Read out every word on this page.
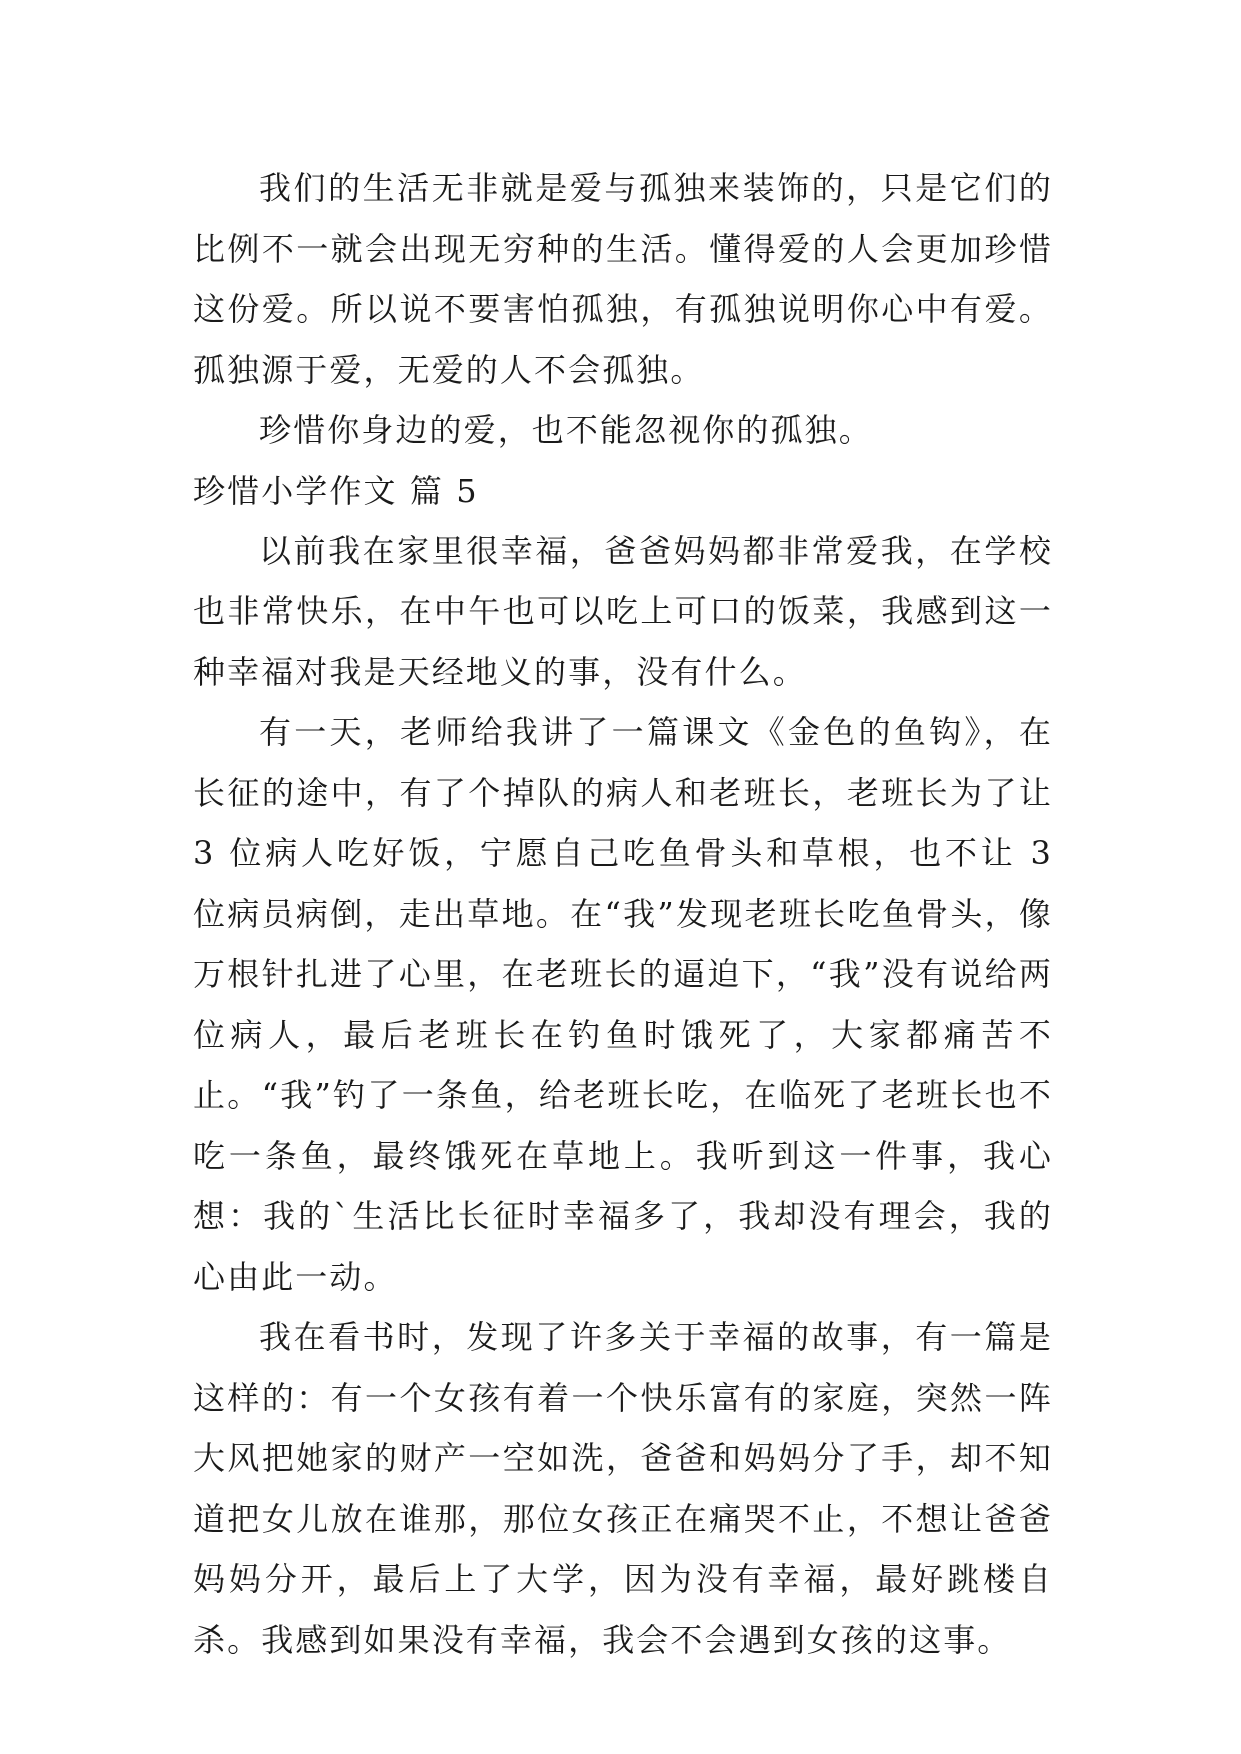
我们的生活无非就是爱与孤独来装饰的，只是它们的比例不一就会出现无穷种的生活。懂得爱的人会更加珍惜这份爱。所以说不要害怕孤独，有孤独说明你心中有爱。孤独源于爱，无爱的人不会孤独。

珍惜你身边的爱，也不能忽视你的孤独。

珍惜小学作文 篇 5

以前我在家里很幸福，爸爸妈妈都非常爱我，在学校也非常快乐，在中午也可以吃上可口的饭菜，我感到这一种幸福对我是天经地义的事，没有什么。

有一天，老师给我讲了一篇课文《金色的鱼钩》，在长征的途中，有了个掉队的病人和老班长，老班长为了让 3 位病人吃好饭，宁愿自己吃鱼骨头和草根，也不让 3 位病员病倒，走出草地。在“我”发现老班长吃鱼骨头，像万根针扎进了心里，在老班长的逼迫下，“我”没有说给两位病人，最后老班长在钓鱼时饿死了，大家都痛苦不止。“我”钓了一条鱼，给老班长吃，在临死了老班长也不吃一条鱼，最终饿死在草地上。我听到这一件事，我心想：我的`生活比长征时幸福多了，我却没有理会，我的心由此一动。

我在看书时，发现了许多关于幸福的故事，有一篇是这样的：有一个女孩有着一个快乐富有的家庭，突然一阵大风把她家的财产一空如洗，爸爸和妈妈分了手，却不知道把女儿放在谁那，那位女孩正在痛哭不止，不想让爸爸妈妈分开，最后上了大学，因为没有幸福，最好跳楼自杀。我感到如果没有幸福，我会不会遇到女孩的这事。
